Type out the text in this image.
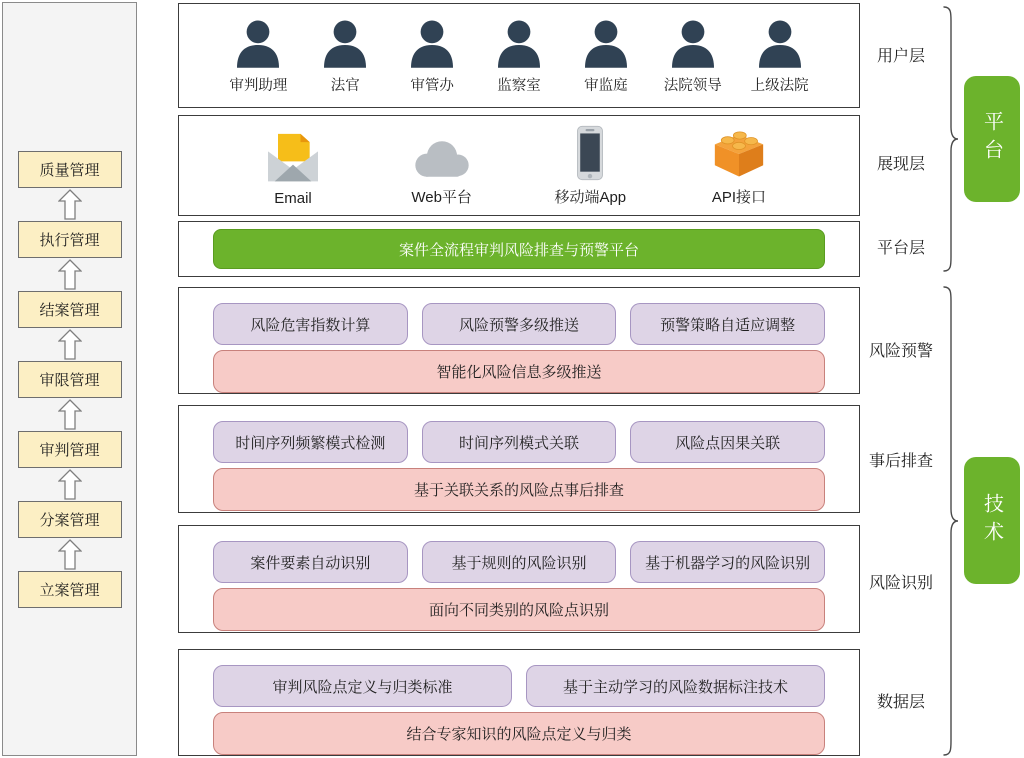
质量管理
执行管理
结案管理
审限管理
审判管理
分案管理
立案管理
审判助理	法官	审管办	监察室	审监庭 法院领导 上级法院
Email	Web平台	移动端App	API接口
案件全流程审判风险排查与预警平台
风险危害指数计算	风险预警多级推送	预警策略自适应调整
智能化风险信息多级推送
时间序列频繁模式检测	时间序列模式关联	风险点因果关联
基于关联关系的风险点事后排查
案件要素自动识别	基于规则的风险识别	基于机器学习的风险识别
面向不同类别的风险点识别
审判风险点定义与归类标准	基于主动学习的风险数据标注技术
结合专家知识的风险点定义与归类
用户层
展现层
平台层
风险预警
事后排查
风险识别
数据层
平台
技术
